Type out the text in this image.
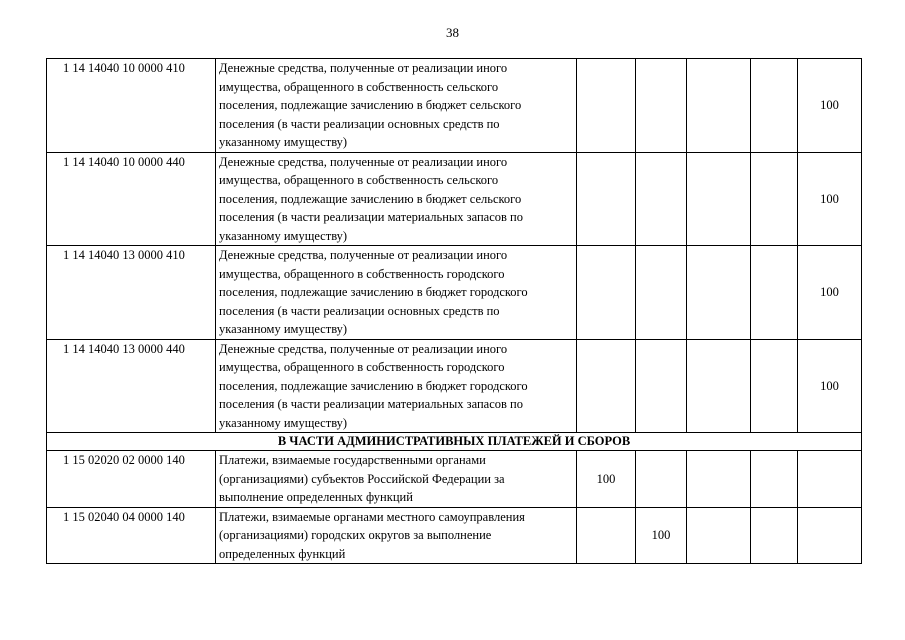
38
1 14 14040 10 0000 410	Денежные средства, полученные от реализации иного
имущества, обращенного в собственность сельского
поселения, подлежащие зачислению в бюджет сельского
поселения (в части реализации основных средств по
указанному имуществу)					100	
1 14 14040 10 0000 440	Денежные средства, полученные от реализации иного
имущества, обращенного в собственность сельского
поселения, подлежащие зачислению в бюджет сельского
поселения (в части реализации материальных запасов по
указанному имуществу)					100	
1 14 14040 13 0000 410	Денежные средства, полученные от реализации иного
имущества, обращенного в собственность городского
поселения, подлежащие зачислению в бюджет городского
поселения (в части реализации основных средств по
указанному имуществу)					100	
1 14 14040 13 0000 440	Денежные средства, полученные от реализации иного
имущества, обращенного в собственность городского
поселения, подлежащие зачислению в бюджет городского
поселения (в части реализации материальных запасов по
указанному имуществу)					100	
В ЧАСТИ АДМИНИСТРАТИВНЫХ ПЛАТЕЖЕЙ И СБОРОВ							
1 15 02020 02 0000 140	Платежи, взимаемые государственными органами
(организациями) субъектов Российской Федерации за
выполнение определенных функций	100					
1 15 02040 04 0000 140	Платежи, взимаемые органами местного самоуправления
(организациями) городских округов за выполнение
определенных функций		100				
